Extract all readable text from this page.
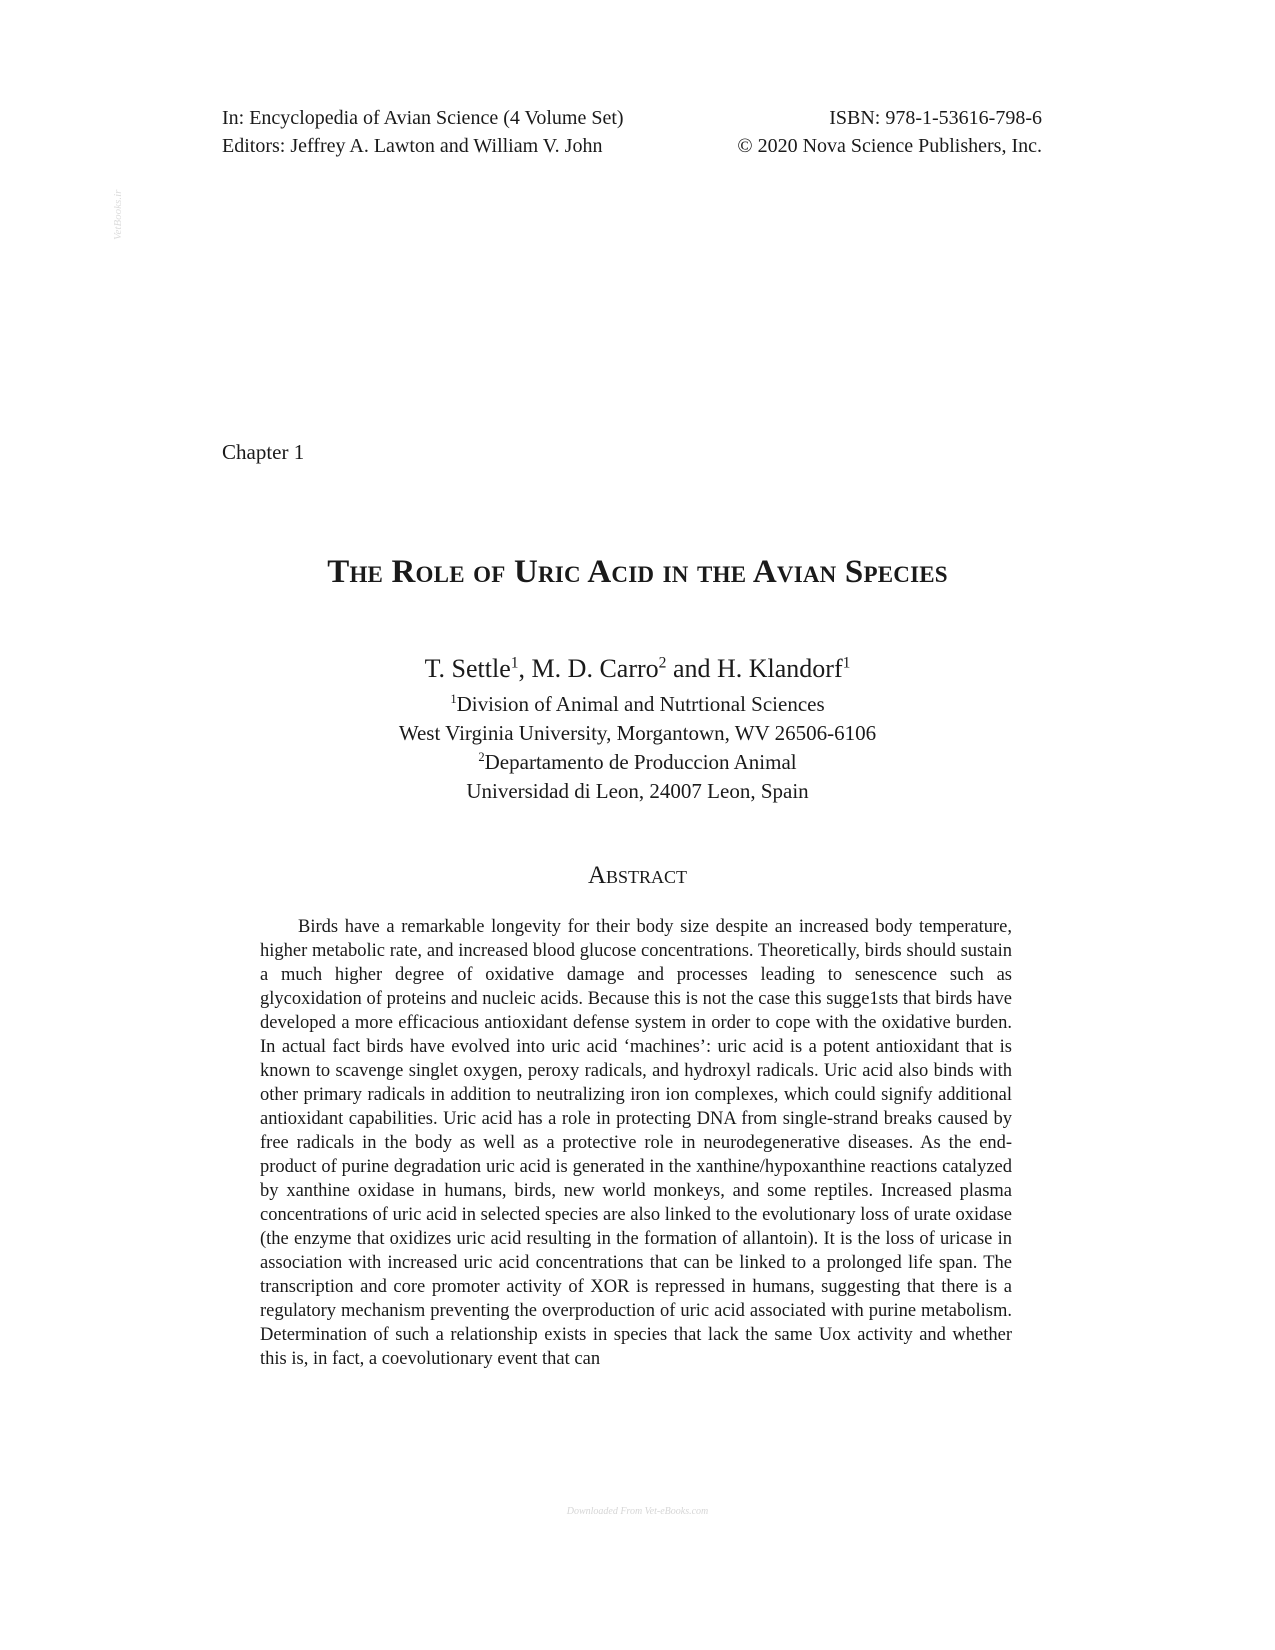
In: Encyclopedia of Avian Science (4 Volume Set)	ISBN: 978-1-53616-798-6
Editors: Jeffrey A. Lawton and William V. John	© 2020 Nova Science Publishers, Inc.
VetBooks.ir
Chapter 1
The Role of Uric Acid in the Avian Species
T. Settle$^1$, M. D. Carro$^2$ and H. Klandorf$^1$
$^1$Division of Animal and Nutrtional Sciences
West Virginia University, Morgantown, WV 26506-6106
$^2$Departamento de Produccion Animal
Universidad di Leon, 24007 Leon, Spain
Abstract

Birds have a remarkable longevity for their body size despite an increased body temperature, higher metabolic rate, and increased blood glucose concentrations. Theoretically, birds should sustain a much higher degree of oxidative damage and processes leading to senescence such as glycoxidation of proteins and nucleic acids. Because this is not the case this sugge1sts that birds have developed a more efficacious antioxidant defense system in order to cope with the oxidative burden. In actual fact birds have evolved into uric acid ‘machines’: uric acid is a potent antioxidant that is known to scavenge singlet oxygen, peroxy radicals, and hydroxyl radicals. Uric acid also binds with other primary radicals in addition to neutralizing iron ion complexes, which could signify additional antioxidant capabilities. Uric acid has a role in protecting DNA from single-strand breaks caused by free radicals in the body as well as a protective role in neurodegenerative diseases. As the end-product of purine degradation uric acid is generated in the xanthine/hypoxanthine reactions catalyzed by xanthine oxidase in humans, birds, new world monkeys, and some reptiles. Increased plasma concentrations of uric acid in selected species are also linked to the evolutionary loss of urate oxidase (the enzyme that oxidizes uric acid resulting in the formation of allantoin). It is the loss of uricase in association with increased uric acid concentrations that can be linked to a prolonged life span. The transcription and core promoter activity of XOR is repressed in humans, suggesting that there is a regulatory mechanism preventing the overproduction of uric acid associated with purine metabolism. Determination of such a relationship exists in species that lack the same Uox activity and whether this is, in fact, a coevolutionary event that can

Downloaded From Vet-eBooks.com
